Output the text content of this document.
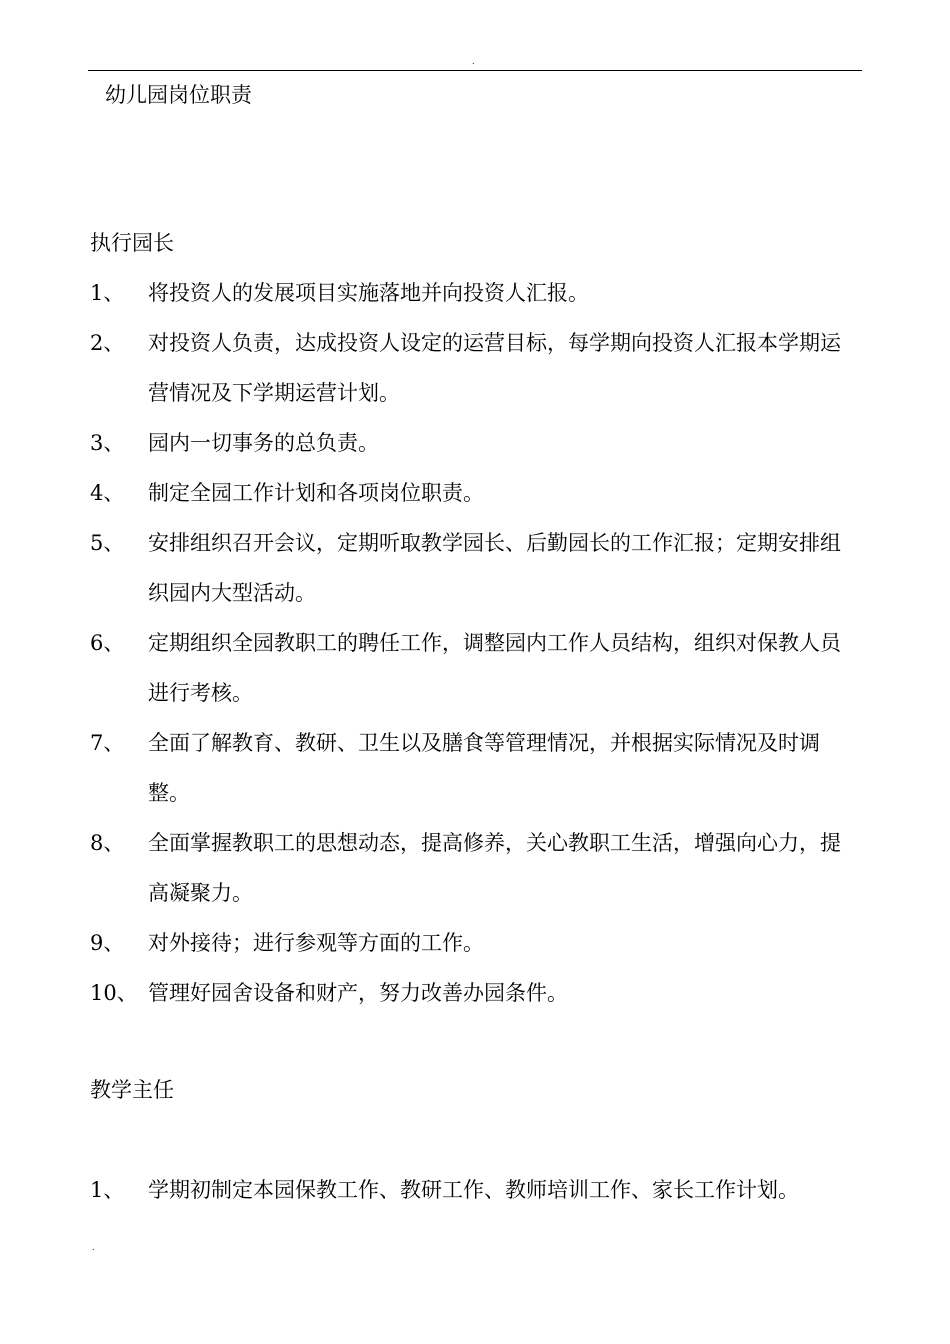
.
幼儿园岗位职责
执行园长
1、 将投资人的发展项目实施落地并向投资人汇报。
2、 对投资人负责，达成投资人设定的运营目标，每学期向投资人汇报本学期运营情况及下学期运营计划。
3、 园内一切事务的总负责。
4、 制定全园工作计划和各项岗位职责。
5、 安排组织召开会议，定期听取教学园长、后勤园长的工作汇报；定期安排组织园内大型活动。
6、 定期组织全园教职工的聘任工作，调整园内工作人员结构，组织对保教人员进行考核。
7、 全面了解教育、教研、卫生以及膳食等管理情况，并根据实际情况及时调整。
8、 全面掌握教职工的思想动态，提高修养，关心教职工生活，增强向心力，提高凝聚力。
9、 对外接待；进行参观等方面的工作。
10、 管理好园舍设备和财产，努力改善办园条件。
教学主任
1、 学期初制定本园保教工作、教研工作、教师培训工作、家长工作计划。
.
